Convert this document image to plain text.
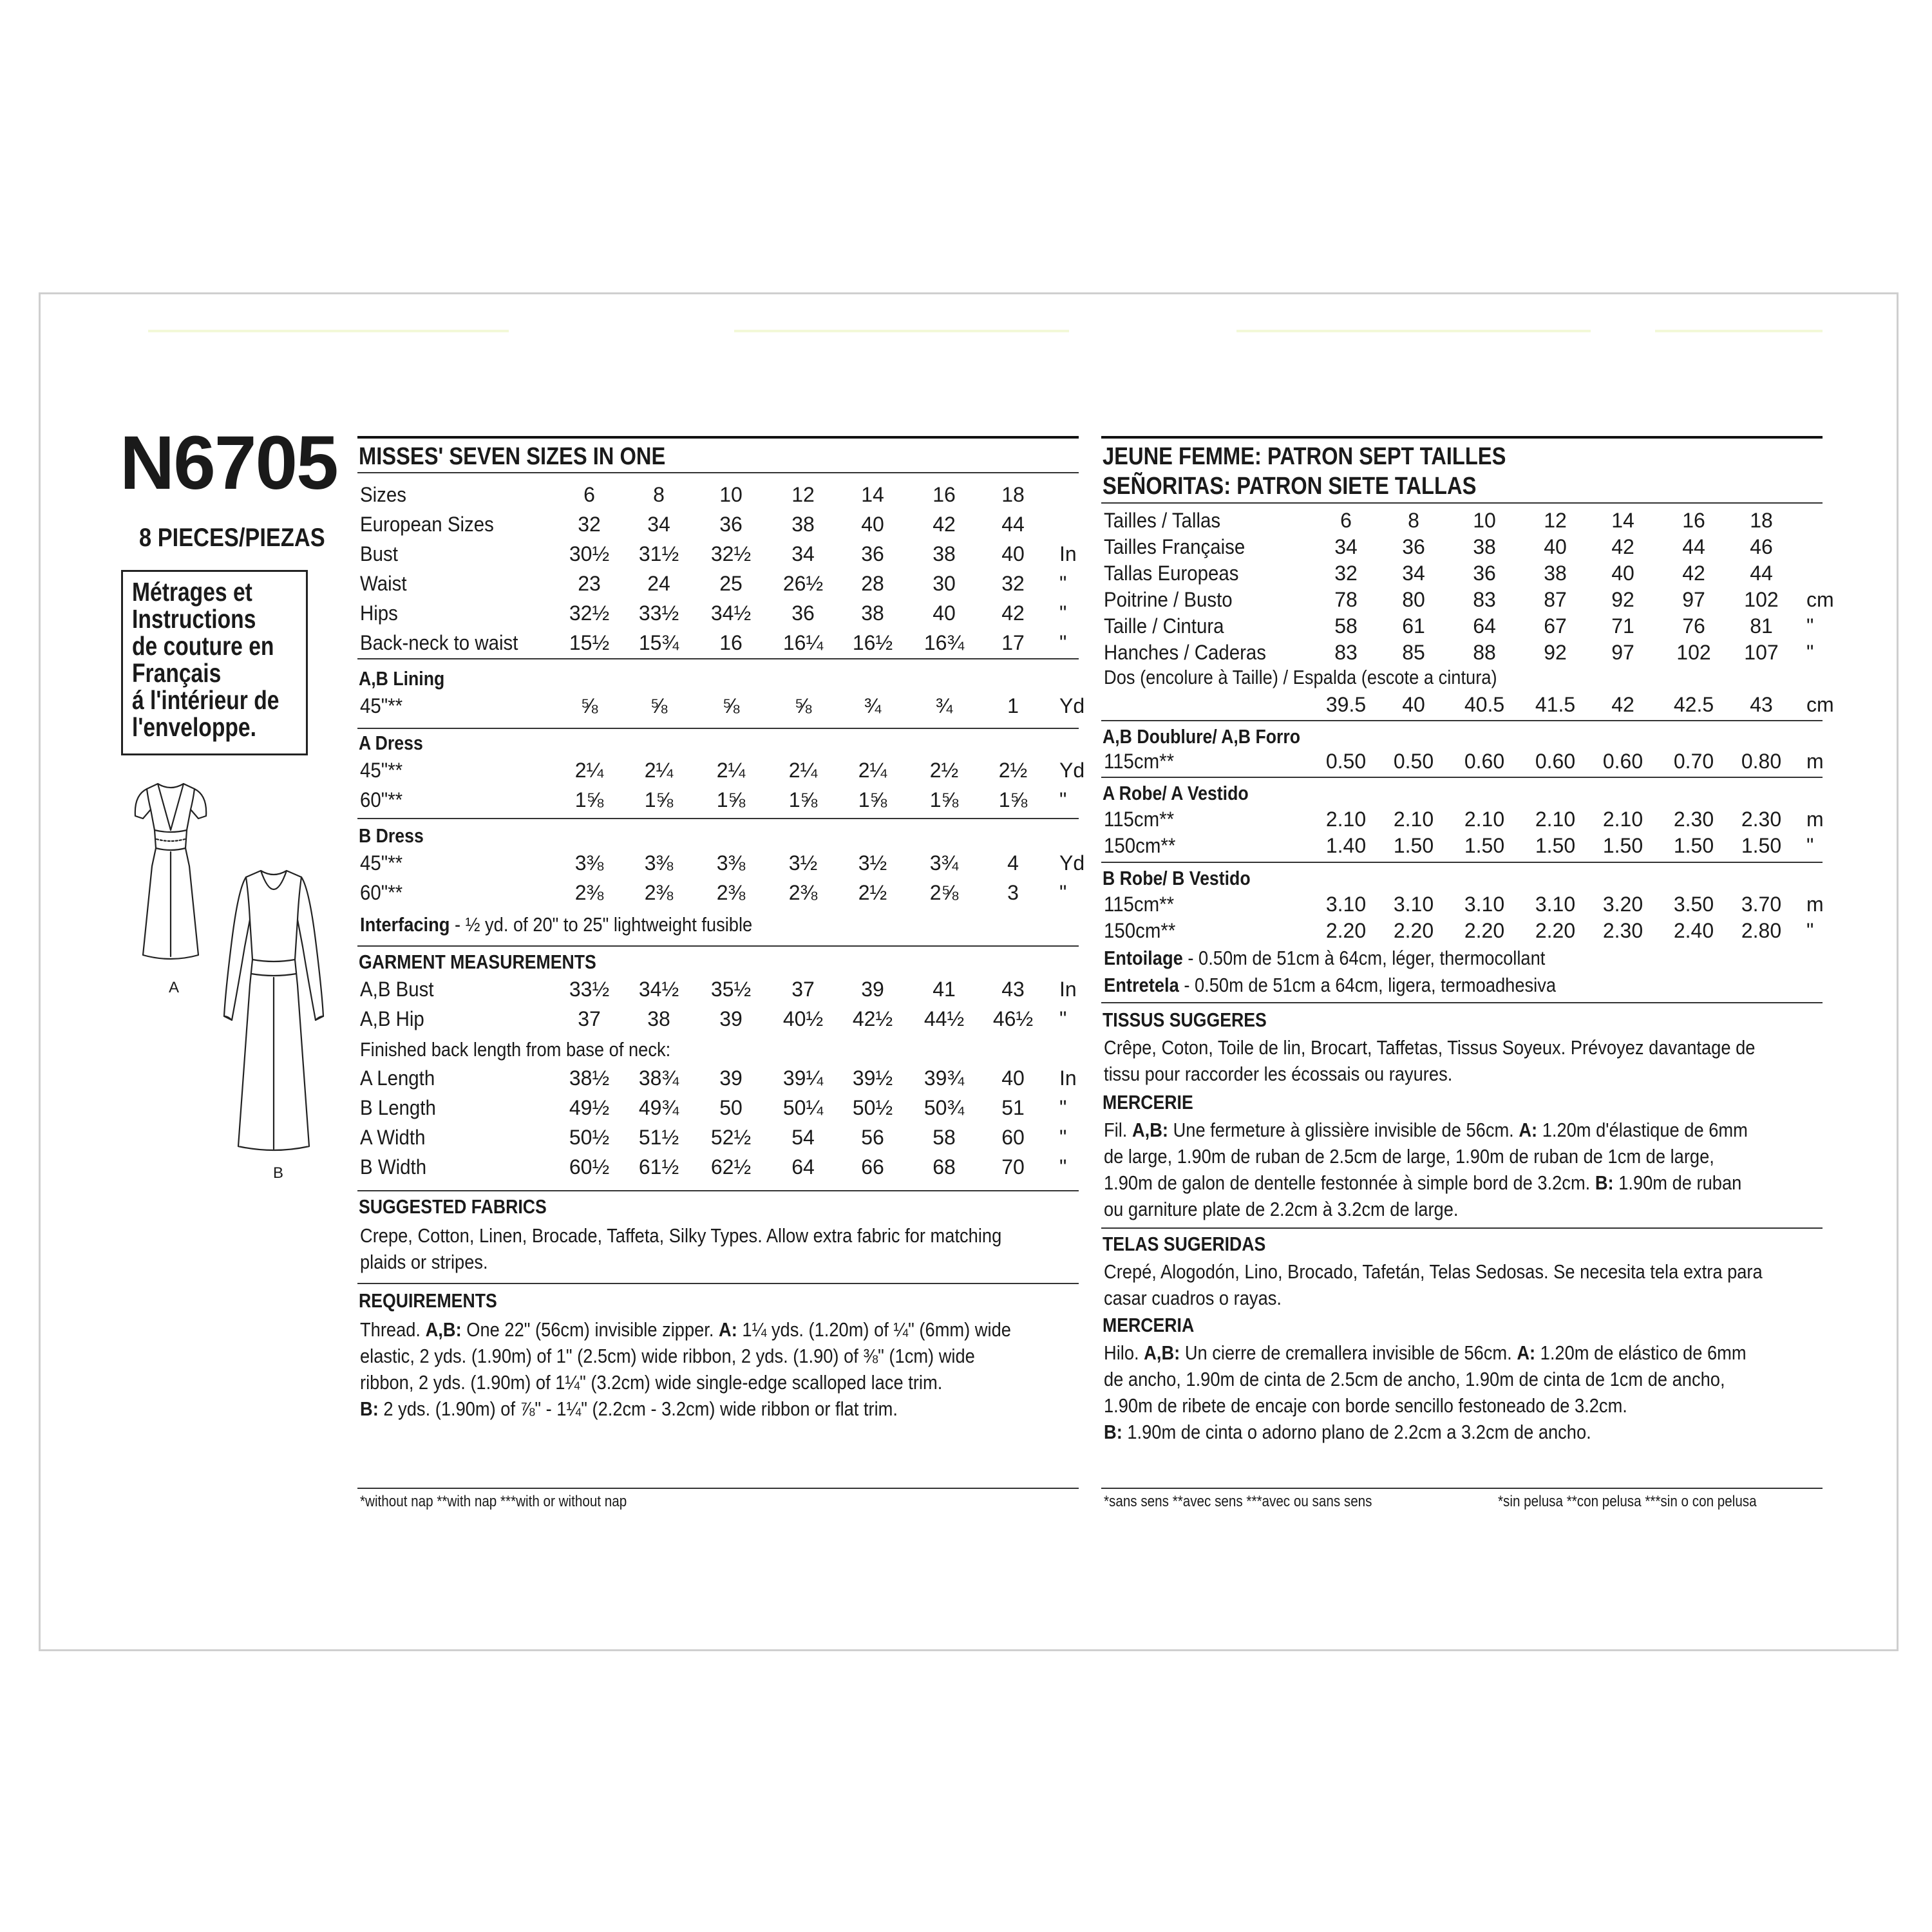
N6705
8 PIECES/PIEZAS
Métrages et
Instructions
de couture en
Français
á l'intérieur de
l'enveloppe.
A
B
MISSES' SEVEN SIZES IN ONE
Sizes	6	8	10 12 14 16 18
European Sizes	32 34 36 38 40 42 44
Bust	30½ 31½ 32½ 34 36 38 40 In
Waist	23 24 25 26½ 28 30 32 "
Hips	32½ 33½ 34½ 36 38 40 42 "
Back-neck to waist 15½ 15¾ 16 16¼ 16½ 16¾ 17 "
A,B Lining
45"**	⅝	⅝	⅝	⅝	¾	¾	1 Yd
A Dress
45"**	2¼ 2¼ 2¼ 2¼ 2¼ 2½ 2½ Yd
60"**	1⅝ 1⅝ 1⅝ 1⅝ 1⅝ 1⅝ 1⅝ "
B Dress
45"**	3⅜ 3⅜ 3⅜ 3½ 3½ 3¾ 4 Yd
60"**	2⅜ 2⅜ 2⅜ 2⅜ 2½ 2⅝ 3 "
Interfacing - ½ yd. of 20" to 25" lightweight fusible
GARMENT MEASUREMENTS
A,B Bust	33½ 34½ 35½ 37 39 41 43 In
A,B Hip	37 38 39 40½ 42½ 44½ 46½ "
Finished back length from base of neck:
A Length	38½ 38¾ 39 39¼ 39½ 39¾ 40 In
B Length	49½ 49¾ 50 50¼ 50½ 50¾ 51 "
A Width	50½ 51½ 52½ 54 56 58 60 "
B Width	60½ 61½ 62½ 64 66 68 70 "
SUGGESTED FABRICS
Crepe, Cotton, Linen, Brocade, Taffeta, Silky Types. Allow extra fabric for matching
plaids or stripes.
REQUIREMENTS
Thread. A,B: One 22" (56cm) invisible zipper. A: 1¼ yds. (1.20m) of ¼" (6mm) wide
elastic, 2 yds. (1.90m) of 1" (2.5cm) wide ribbon, 2 yds. (1.90) of ⅜" (1cm) wide
ribbon, 2 yds. (1.90m) of 1¼" (3.2cm) wide single-edge scalloped lace trim.
B: 2 yds. (1.90m) of ⅞" - 1¼" (2.2cm - 3.2cm) wide ribbon or flat trim.
*without nap **with nap ***with or without nap
JEUNE FEMME: PATRON SEPT TAILLES
SEÑORITAS: PATRON SIETE TALLAS
Tailles / Tallas	6	8	10 12 14 16 18
Tailles Française	34 36 38 40 42 44 46
Tallas Europeas	32 34 36 38 40 42 44
Poitrine / Busto	78 80 83 87 92 97 102 cm
Taille / Cintura	58 61 64 67 71 76 81 "
Hanches / Caderas	83 85 88 92 97 102 107 "
Dos (encolure à Taille) / Espalda (escote a cintura)
39.5 40 40.5 41.5 42 42.5 43 cm
A,B Doublure/ A,B Forro
115cm**	0.50 0.50 0.60 0.60 0.60 0.70 0.80 m
A Robe/ A Vestido
115cm**	2.10 2.10 2.10 2.10 2.10 2.30 2.30 m
150cm**	1.40 1.50 1.50 1.50 1.50 1.50 1.50 "
B Robe/ B Vestido
115cm**	3.10 3.10 3.10 3.10 3.20 3.50 3.70 m
150cm**	2.20 2.20 2.20 2.20 2.30 2.40 2.80 "
Entoilage - 0.50m de 51cm à 64cm, léger, thermocollant
Entretela - 0.50m de 51cm a 64cm, ligera, termoadhesiva
TISSUS SUGGERES
Crêpe, Coton, Toile de lin, Brocart, Taffetas, Tissus Soyeux. Prévoyez davantage de
tissu pour raccorder les écossais ou rayures.
MERCERIE
Fil. A,B: Une fermeture à glissière invisible de 56cm. A: 1.20m d'élastique de 6mm
de large, 1.90m de ruban de 2.5cm de large, 1.90m de ruban de 1cm de large,
1.90m de galon de dentelle festonnée à simple bord de 3.2cm. B: 1.90m de ruban
ou garniture plate de 2.2cm à 3.2cm de large.
TELAS SUGERIDAS
Crepé, Alogodón, Lino, Brocado, Tafetán, Telas Sedosas. Se necesita tela extra para
casar cuadros o rayas.
MERCERIA
Hilo. A,B: Un cierre de cremallera invisible de 56cm. A: 1.20m de elástico de 6mm
de ancho, 1.90m de cinta de 2.5cm de ancho, 1.90m de cinta de 1cm de ancho,
1.90m de ribete de encaje con borde sencillo festoneado de 3.2cm.
B: 1.90m de cinta o adorno plano de 2.2cm a 3.2cm de ancho.
*sans sens **avec sens ***avec ou sans sens	*sin pelusa **con pelusa ***sin o con pelusa
